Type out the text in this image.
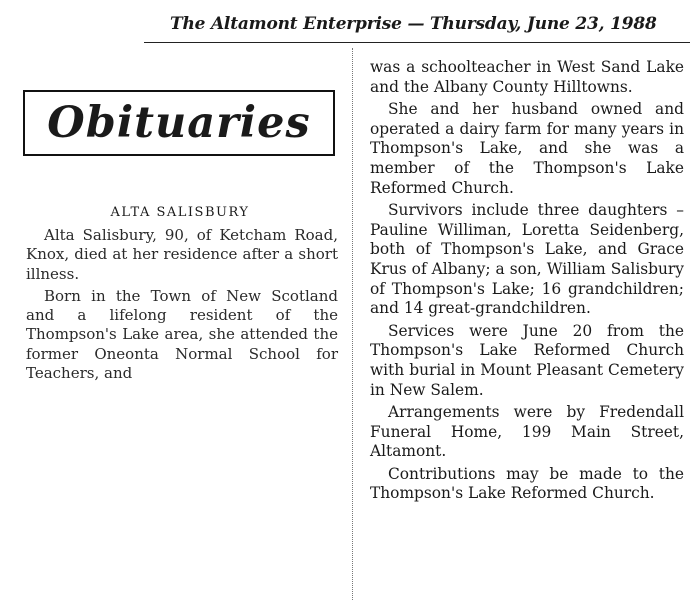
The Altamont Enterprise — Thursday, June 23, 1988
Obituaries
ALTA SALISBURY

Alta Salisbury, 90, of Ketcham Road, Knox, died at her residence after a short illness.

Born in the Town of New Scotland and a lifelong resident of the Thompson's Lake area, she attended the former Oneonta Normal School for Teachers, and

was a schoolteacher in West Sand Lake and the Albany County Hilltowns.

She and her husband owned and operated a dairy farm for many years in Thompson's Lake, and she was a member of the Thompson's Lake Reformed Church.

Survivors include three daughters – Pauline Williman, Loretta Seidenberg, both of Thompson's Lake, and Grace Krus of Albany; a son, William Salisbury of Thompson's Lake; 16 grandchildren; and 14 great-grandchildren.

Services were June 20 from the Thompson's Lake Reformed Church with burial in Mount Pleasant Cemetery in New Salem.

Arrangements were by Fredendall Funeral Home, 199 Main Street, Altamont.

Contributions may be made to the Thompson's Lake Reformed Church.
